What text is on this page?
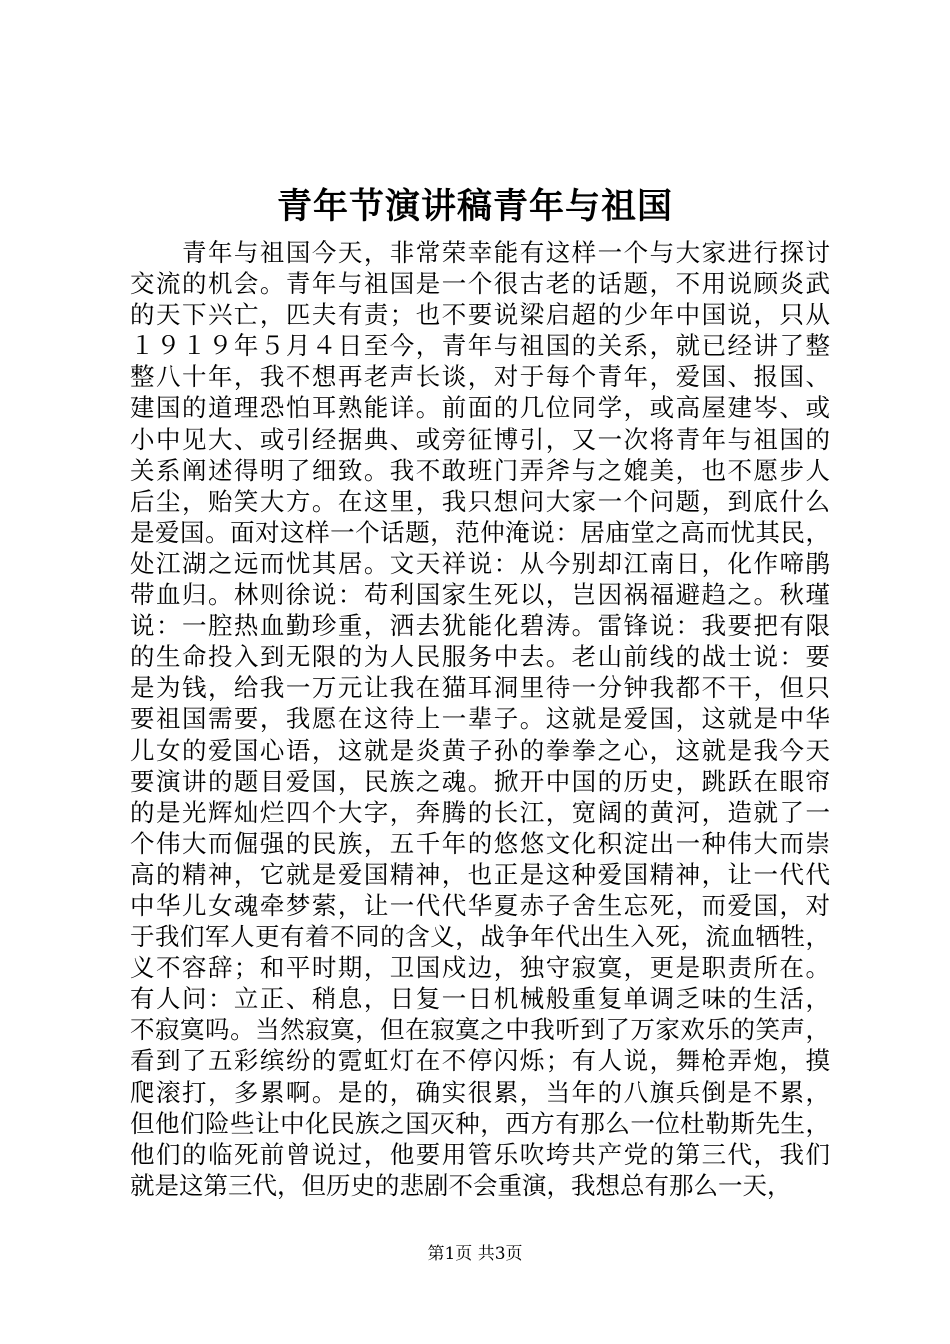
青年节演讲稿青年与祖国
　　青年与祖国今天，非常荣幸能有这样一个与大家进行探讨
交流的机会。青年与祖国是一个很古老的话题，不用说顾炎武
的天下兴亡，匹夫有责；也不要说梁启超的少年中国说，只从
１９１９年５月４日至今，青年与祖国的关系，就已经讲了整
整八十年，我不想再老声长谈，对于每个青年，爱国、报国、
建国的道理恐怕耳熟能详。前面的几位同学，或高屋建岑、或
小中见大、或引经据典、或旁征博引，又一次将青年与祖国的
关系阐述得明了细致。我不敢班门弄斧与之媲美，也不愿步人
后尘，贻笑大方。在这里，我只想问大家一个问题，到底什么
是爱国。面对这样一个话题，范仲淹说：居庙堂之高而忧其民，
处江湖之远而忧其居。文天祥说：从今别却江南日，化作啼鹃
带血归。林则徐说：苟利国家生死以，岂因祸福避趋之。秋瑾
说：一腔热血勤珍重，洒去犹能化碧涛。雷锋说：我要把有限
的生命投入到无限的为人民服务中去。老山前线的战士说：要
是为钱，给我一万元让我在猫耳洞里待一分钟我都不干，但只
要祖国需要，我愿在这待上一辈子。这就是爱国，这就是中华
儿女的爱国心语，这就是炎黄子孙的拳拳之心，这就是我今天
要演讲的题目爱国，民族之魂。掀开中国的历史，跳跃在眼帘
的是光辉灿烂四个大字，奔腾的长江，宽阔的黄河，造就了一
个伟大而倔强的民族，五千年的悠悠文化积淀出一种伟大而崇
高的精神，它就是爱国精神，也正是这种爱国精神，让一代代
中华儿女魂牵梦萦，让一代代华夏赤子舍生忘死，而爱国，对
于我们军人更有着不同的含义，战争年代出生入死，流血牺牲，
义不容辞；和平时期，卫国戍边，独守寂寞，更是职责所在。
有人问：立正、稍息，日复一日机械般重复单调乏味的生活，
不寂寞吗。当然寂寞，但在寂寞之中我听到了万家欢乐的笑声，
看到了五彩缤纷的霓虹灯在不停闪烁；有人说，舞枪弄炮，摸
爬滚打，多累啊。是的，确实很累，当年的八旗兵倒是不累，
但他们险些让中化民族之国灭种，西方有那么一位杜勒斯先生，
他们的临死前曾说过，他要用管乐吹垮共产党的第三代，我们
就是这第三代，但历史的悲剧不会重演，我想总有那么一天，
第1页 共3页
